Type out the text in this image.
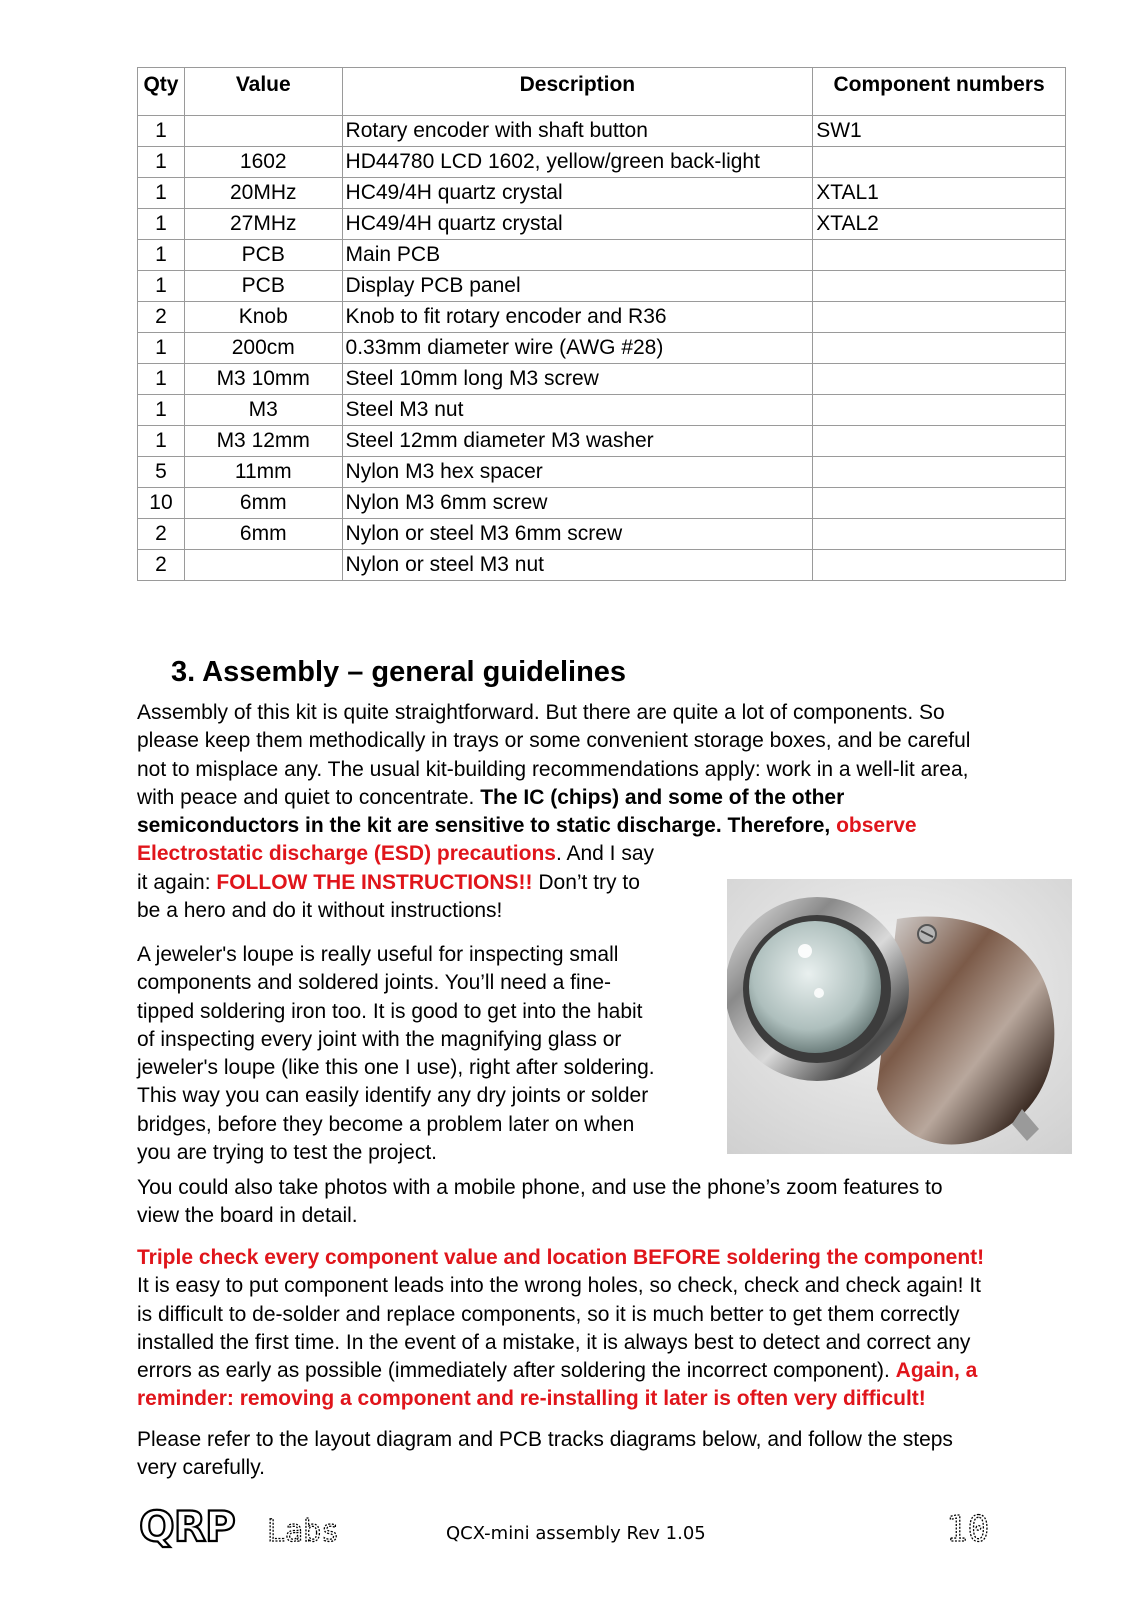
Qty	Value	Description	Component numbers
1		Rotary encoder with shaft button	SW1
1	1602	HD44780 LCD 1602, yellow/green back-light	
1	20MHz	HC49/4H quartz crystal	XTAL1
1	27MHz	HC49/4H quartz crystal	XTAL2
1	PCB	Main PCB	
1	PCB	Display PCB panel	
2	Knob	Knob to fit rotary encoder and R36	
1	200cm	0.33mm diameter wire (AWG #28)	
1	M3 10mm	Steel 10mm long M3 screw	
1	M3	Steel M3 nut	
1	M3 12mm	Steel 12mm diameter M3 washer	
5	11mm	Nylon M3 hex spacer	
10	6mm	Nylon M3 6mm screw	
2	6mm	Nylon or steel M3 6mm screw	
2		Nylon or steel M3 nut	
3. Assembly – general guidelines
Assembly of this kit is quite straightforward. But there are quite a lot of components. So
please keep them methodically in trays or some convenient storage boxes, and be careful
not to misplace any. The usual kit-building recommendations apply: work in a well-lit area,
with peace and quiet to concentrate. The IC (chips) and some of the other
semiconductors in the kit are sensitive to static discharge. Therefore, observe
Electrostatic discharge (ESD) precautions. And I say
it again: FOLLOW THE INSTRUCTIONS!! Don’t try to
be a hero and do it without instructions!
A jeweler's loupe is really useful for inspecting small
components and soldered joints. You’ll need a fine-
tipped soldering iron too. It is good to get into the habit
of inspecting every joint with the magnifying glass or
jeweler's loupe (like this one I use), right after soldering.
This way you can easily identify any dry joints or solder
bridges, before they become a problem later on when
you are trying to test the project.
You could also take photos with a mobile phone, and use the phone’s zoom features to
view the board in detail.
Triple check every component value and location BEFORE soldering the component!
It is easy to put component leads into the wrong holes, so check, check and check again! It
is difficult to de-solder and replace components, so it is much better to get them correctly
installed the first time. In the event of a mistake, it is always best to detect and correct any
errors as early as possible (immediately after soldering the incorrect component). Again, a
reminder: removing a component and re-installing it later is often very difficult!
Please refer to the layout diagram and PCB tracks diagrams below, and follow the steps
very carefully.
QRP Labs	QCX-mini assembly Rev 1.05	10
